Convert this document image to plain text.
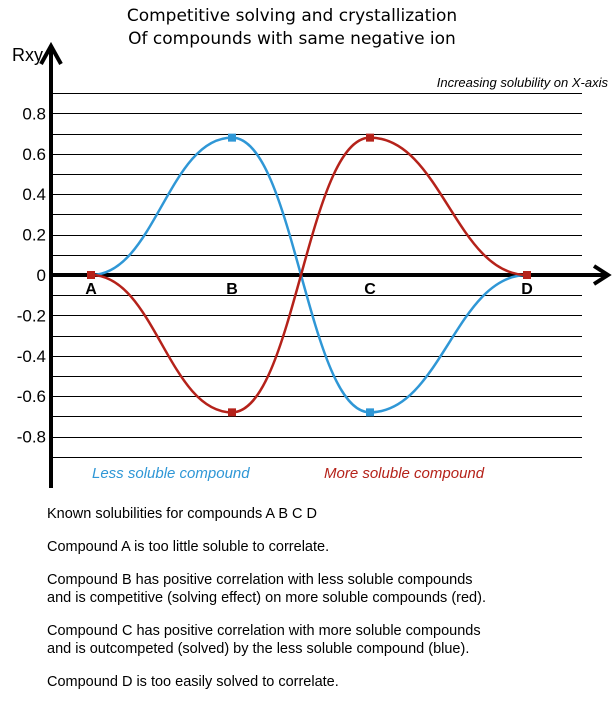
Competitive solving and crystallization
Of compounds with same negative ion
0.8
0.6
0.4
0.2
0
-0.2
-0.4
-0.6
-0.8
A	B	C	D
Rxy
Increasing solubility on X-axis
Less soluble compound	More soluble compound

Known solubilities for compounds A B C D

Compound A is too little soluble to correlate.

Compound B has positive correlation with less soluble compounds
and is competitive (solving effect) on more soluble compounds (red).

Compound C has positive correlation with more soluble compounds
and is outcompeted (solved) by the less soluble compound (blue).

Compound D is too easily solved to correlate.
